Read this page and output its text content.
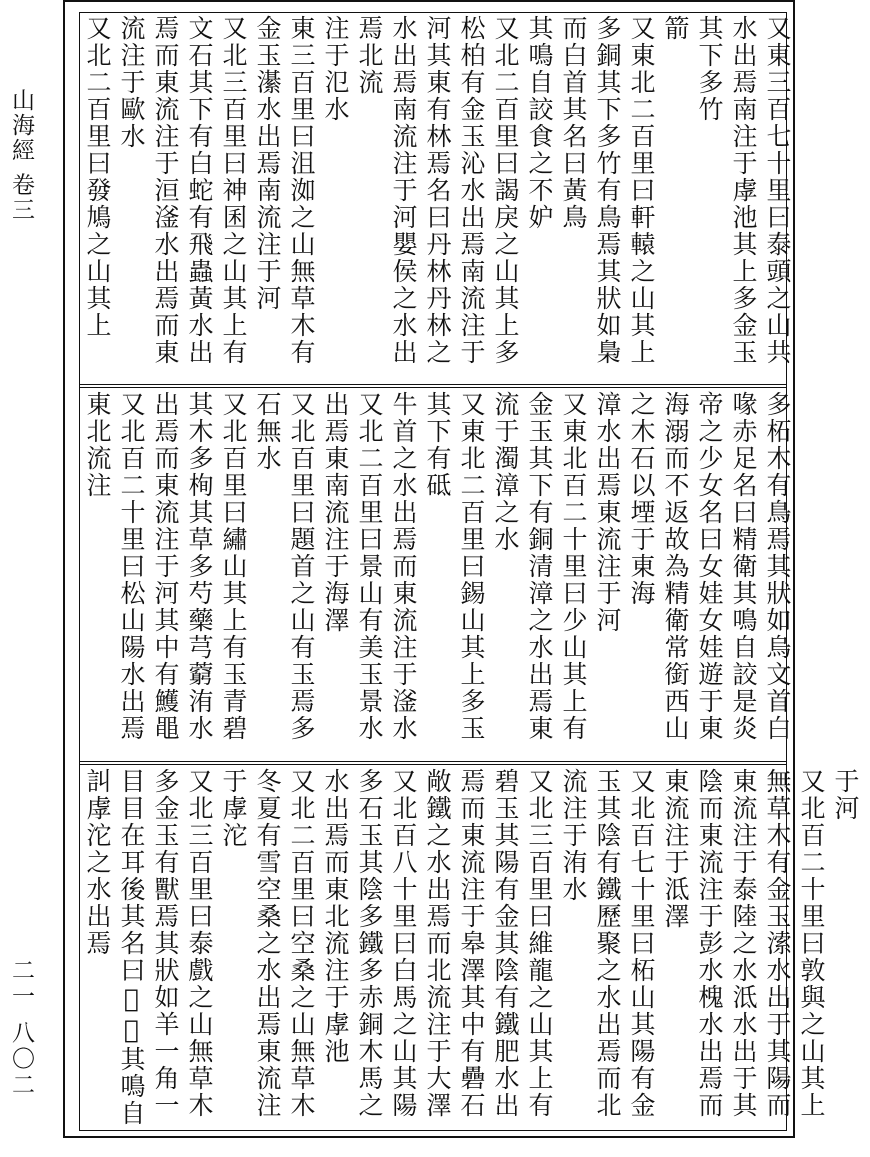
山海經 卷三
二一 八〇二
又東三百七十里曰泰頭之山共水出焉南注于虖池其上多金玉其下多竹
箭
又東北二百里曰軒轅之山其上多銅其下多竹有鳥焉其狀如梟而白首其名曰黃鳥
其鳴自詨食之不妒
又北二百里曰謁戾之山其上多松柏有金玉沁水出焉南流注于河其東有林焉名曰丹林丹林之水出焉南流注于河嬰侯之水出焉北流
注于氾水
東三百里曰沮洳之山無草木有金玉濝水出焉南流注于河
又北三百里曰神囷之山其上有文石其下有白蛇有飛蟲黃水出焉而東流注于洹滏水出焉而東流注于歐水
又北二百里曰發鳩之山其上
多柘木有鳥焉其狀如烏文首白喙赤足名曰精衛其鳴自詨是炎帝之少女名曰女娃女娃遊于東海溺而不返故為精衛常銜西山之木石以堙于東海
漳水出焉東流注于河
又東北百二十里曰少山其上有金玉其下有銅清漳之水出焉東流于濁漳之水
又東北二百里曰錫山其上多玉其下有砥
牛首之水出焉而東流注于滏水
又北二百里曰景山有美玉景水出焉東南流注于海澤
又北百里曰題首之山有玉焉多石無水
又北百里曰繡山其上有玉青碧其木多栒其草多芍藥芎藭洧水出焉而東流注于河其中有鱯黽
又北百二十里曰松山陽水出焉東北流注
于河
又北百二十里曰敦與之山其上無草木有金玉溹水出于其陽而東流注于泰陸之水泜水出于其陰而東流注于彭水槐水出焉而東流注于泜澤
又北百七十里曰柘山其陽有金玉其陰有鐵歷聚之水出焉而北流注于洧水
又北三百里曰維龍之山其上有碧玉其陽有金其陰有鐵肥水出焉而東流注于皋澤其中有礨石敞鐵之水出焉而北流注于大澤
又北百八十里曰白馬之山其陽多石玉其陰多鐵多赤銅木馬之水出焉而東北流注于虖池
又北二百里曰空桑之山無草木冬夏有雪空桑之水出焉東流注于虖沱
又北三百里曰泰戲之山無草木多金玉有獸焉其狀如羊一角一目目在耳後其名曰𫏁𫏁其鳴自訆虖沱之水出焉
